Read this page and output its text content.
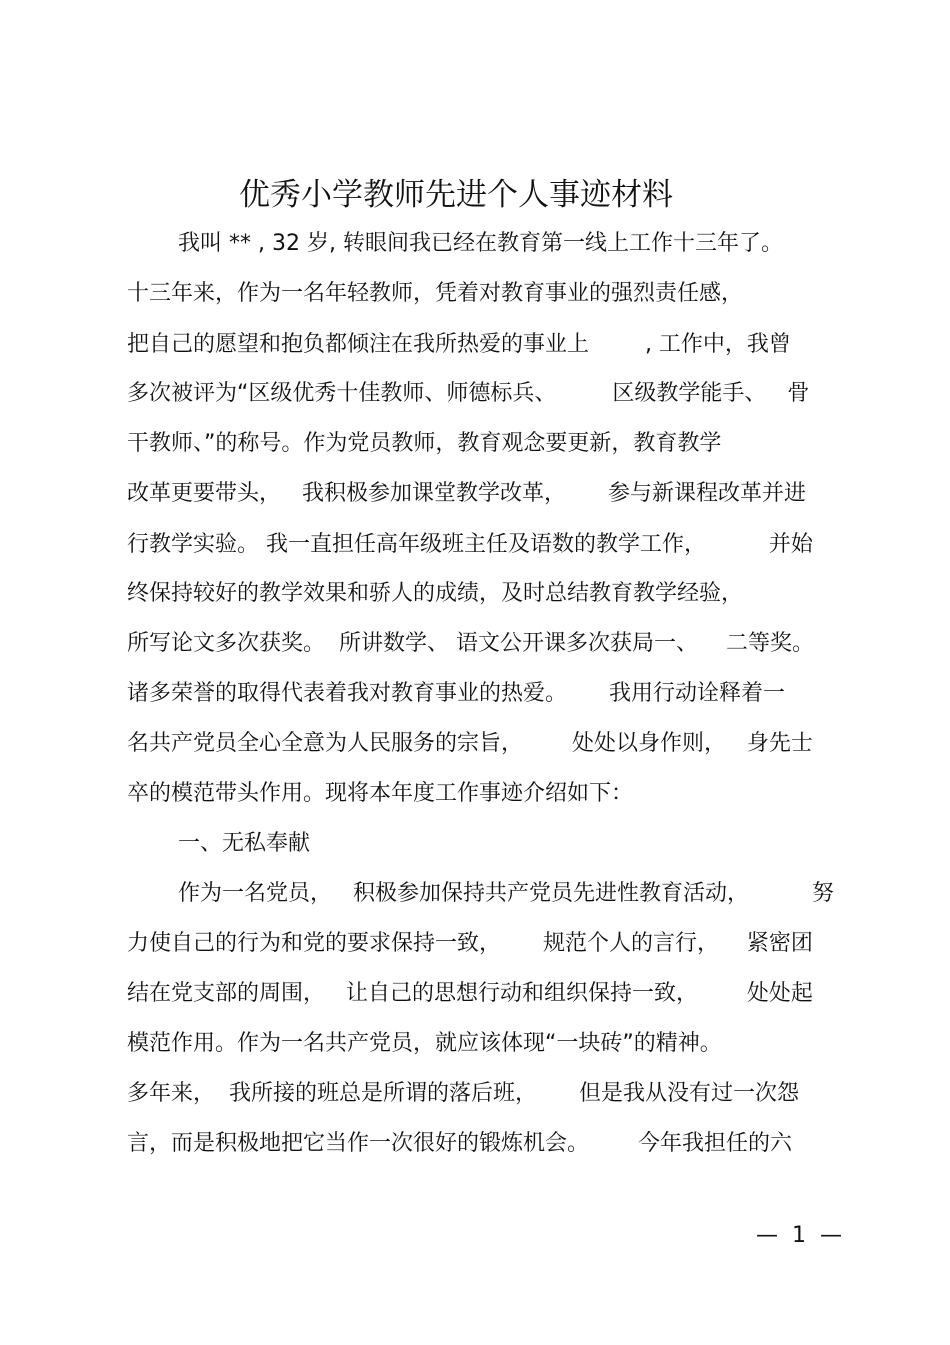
优秀小学教师先进个人事迹材料
我叫 ** , 32 岁, 转眼间我已经在教育第一线上工作十三年了。
十三年来，作为一名年轻教师，凭着对教育事业的强烈责任感，
把自己的愿望和抱负都倾注在我所热爱的事业上        , 工作中，我曾
多次被评为“区级优秀十佳教师、师德标兵、        区级教学能手、   骨
干教师、”的称号。作为党员教师，教育观念要更新，教育教学
改革更要带头，   我积极参加课堂教学改革，      参与新课程改革并进
行教学实验。 我一直担任高年级班主任及语数的教学工作，         并始
终保持较好的教学效果和骄人的成绩，及时总结教育教学经验，
所写论文多次获奖。  所讲数学、 语文公开课多次获局一、    二等奖。
诸多荣誉的取得代表着我对教育事业的热爱。      我用行动诠释着一
名共产党员全心全意为人民服务的宗旨，       处处以身作则，   身先士
卒的模范带头作用。现将本年度工作事迹介绍如下：
一、无私奉献
作为一名党员，   积极参加保持共产党员先进性教育活动，         努
力使自己的行为和党的要求保持一致，      规范个人的言行，    紧密团
结在党支部的周围，   让自己的思想行动和组织保持一致，       处处起
模范作用。作为一名共产党员，就应该体现“一块砖”的精神。
多年来，  我所接的班总是所谓的落后班，      但是我从没有过一次怨
言，而是积极地把它当作一次很好的锻炼机会。       今年我担任的六
—  1  —
